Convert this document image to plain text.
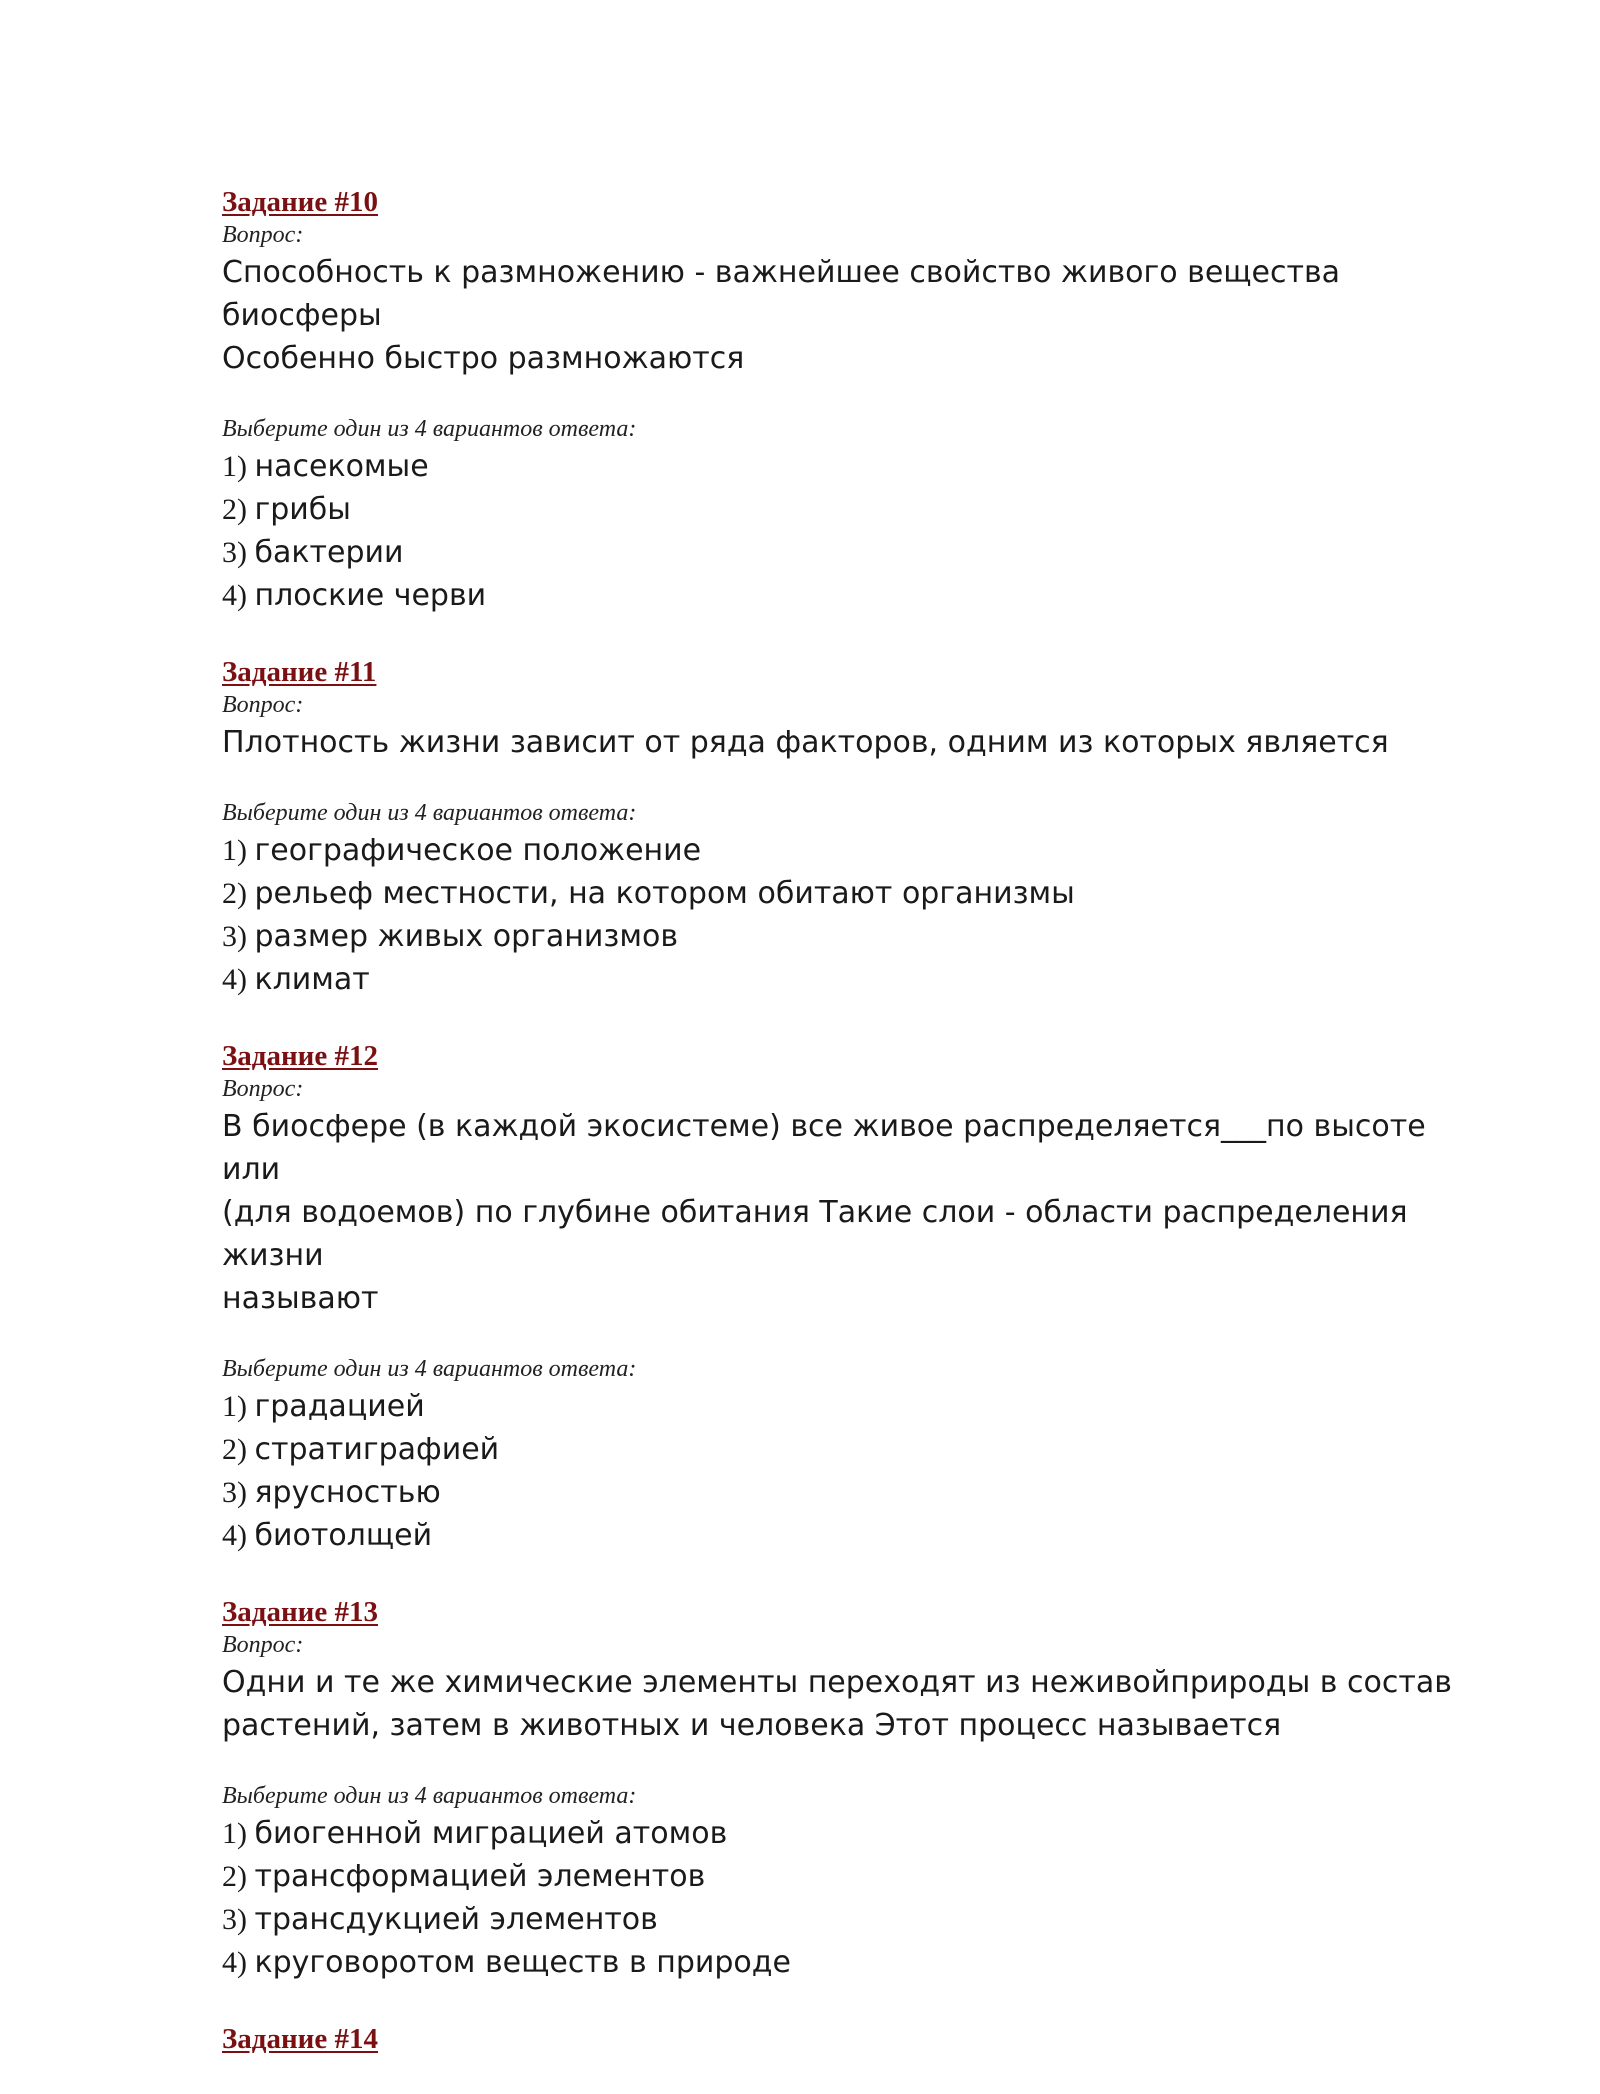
Задание #10
Вопрос:
Способность к размножению - важнейшее свойство живого вещества биосферы
Особенно быстро размножаются
Выберите один из 4 вариантов ответа:
1) насекомые
2) грибы
3) бактерии
4) плоские черви
Задание #11
Вопрос:
Плотность жизни зависит от ряда факторов, одним из которых является
Выберите один из 4 вариантов ответа:
1) географическое положение
2) рельеф местности, на котором обитают организмы
3) размер живых организмов
4) климат
Задание #12
Вопрос:
В биосфере (в каждой экосистеме) все живое распределяется___по высоте или
(для водоемов) по глубине обитания Такие слои - области распределения жизни
называют
Выберите один из 4 вариантов ответа:
1) градацией
2) стратиграфией
3) ярусностью
4) биотолщей
Задание #13
Вопрос:
Одни и те же химические элементы переходят из неживойприроды в состав
растений, затем в животных и человека Этот процесс называется
Выберите один из 4 вариантов ответа:
1) биогенной миграцией атомов
2) трансформацией элементов
3) трансдукцией элементов
4) круговоротом веществ в природе
Задание #14
